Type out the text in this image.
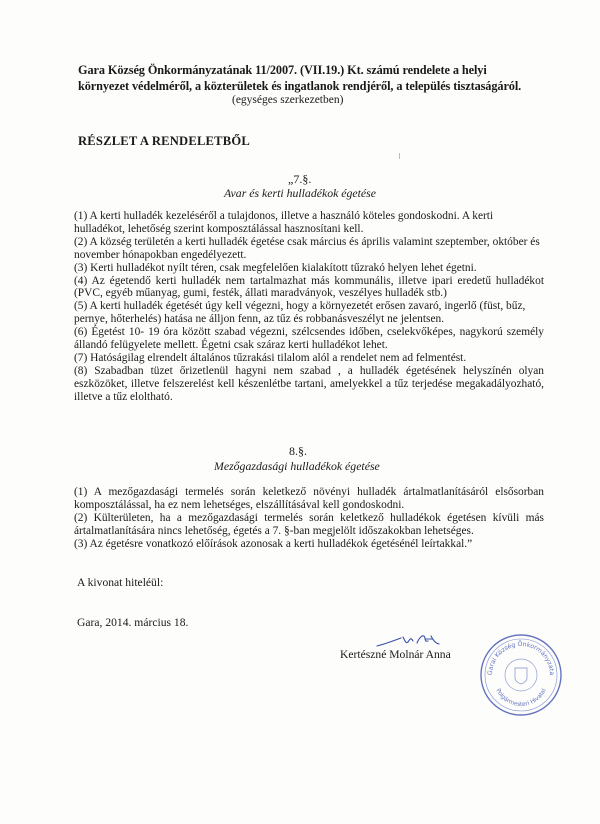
Gara Község Önkormányzatának 11/2007. (VII.19.) Kt. számú rendelete a helyi
környezet védelméről, a közterületek és ingatlanok rendjéről, a település tisztaságáról.
(egységes szerkezetben)
RÉSZLET A RENDELETBŐL
„7.§.
Avar és kerti hulladékok égetése

(1) A kerti hulladék kezeléséről a tulajdonos, illetve a használó köteles gondoskodni. A kerti hulladékot, lehetőség szerint komposztálással hasznosítani kell.

(2) A község területén a kerti hulladék égetése csak március és április valamint szeptember, október és november hónapokban engedélyezett.

(3) Kerti hulladékot nyílt téren, csak megfelelően kialakított tűzrakó helyen lehet égetni.

(4) Az égetendő kerti hulladék nem tartalmazhat más kommunális, illetve ipari eredetű hulladékot (PVC, egyéb műanyag, gumi, festék, állati maradványok, veszélyes hulladék stb.)

(5) A kerti hulladék égetését úgy kell végezni, hogy a környezetét erősen zavaró, ingerlő (füst, bűz, pernye, hőterhelés) hatása ne álljon fenn, az tűz és robbanásveszélyt ne jelentsen.

(6) Égetést 10- 19 óra között szabad végezni, szélcsendes időben, cselekvőképes, nagykorú személy állandó felügyelete mellett. Égetni csak száraz kerti hulladékot lehet.

(7) Hatóságilag elrendelt általános tűzrakási tilalom alól a rendelet nem ad felmentést.

(8) Szabadban tüzet őrizetlenül hagyni nem szabad , a hulladék égetésének helyszínén olyan eszközöket, illetve felszerelést kell készenlétbe tartani, amelyekkel a tűz terjedése megakadályozható, illetve a tűz eloltható.

8.§.
Mezőgazdasági hulladékok égetése

(1) A mezőgazdasági termelés során keletkező növényi hulladék ártalmatlanításáról elsősorban komposztálással, ha ez nem lehetséges, elszállításával kell gondoskodni.

(2) Külterületen, ha a mezőgazdasági termelés során keletkező hulladékok égetésen kívüli más ártalmatlanítására nincs lehetőség, égetés a 7. §-ban megjelölt időszakokban lehetséges.

(3) Az égetésre vonatkozó előírások azonosak a kerti hulladékok égetésénél leírtakkal.”

A kivonat hiteléül:
Gara, 2014. március 18.
Kertészné Molnár Anna
Garai Község Önkormányzata
Polgármesteri Hivatal
